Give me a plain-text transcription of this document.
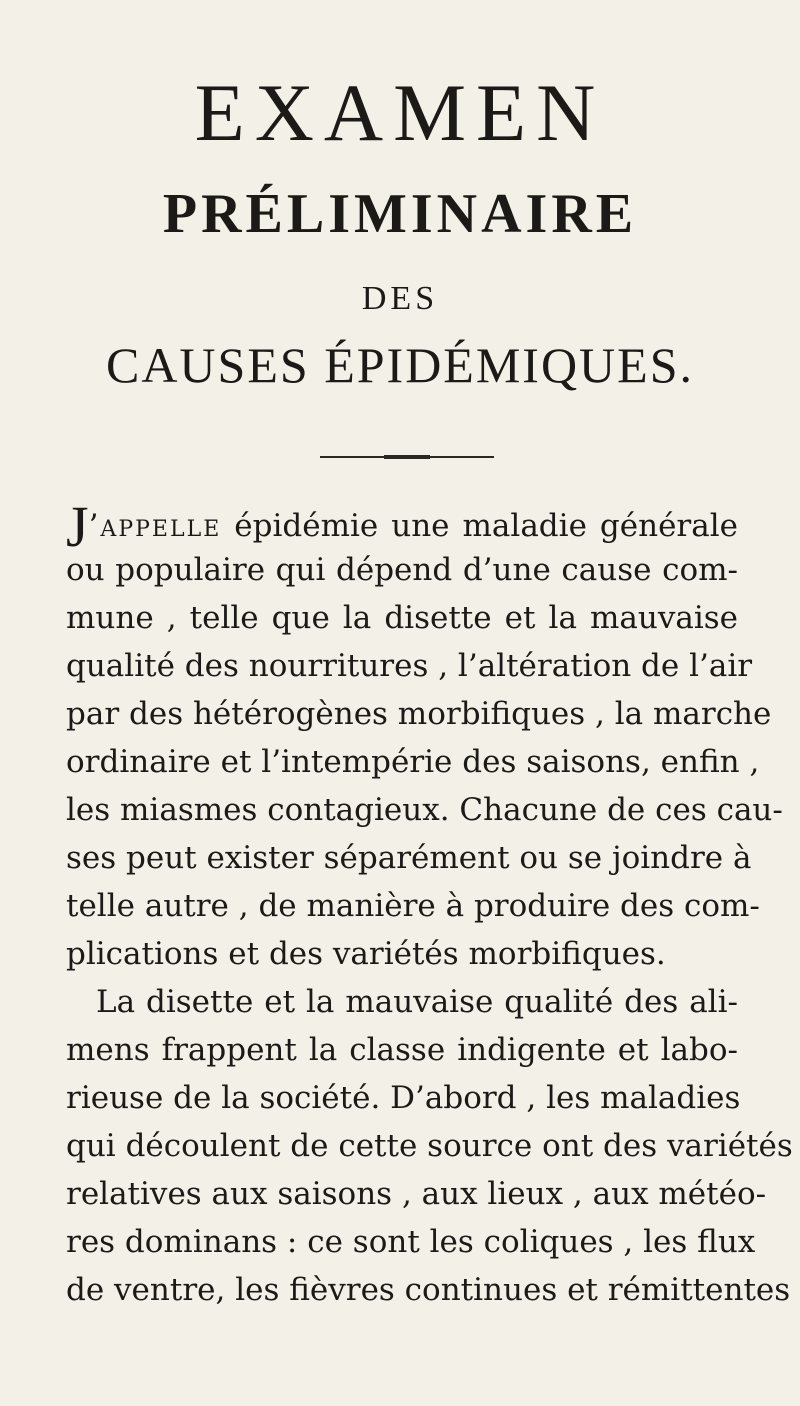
EXAMEN
PRÉLIMINAIRE
DES
CAUSES ÉPIDÉMIQUES.
J’appelle épidémie une maladie générale
ou populaire qui dépend d’une cause com-
mune , telle que la disette et la mauvaise
qualité des nourritures , l’altération de l’air
par des hétérogènes morbifiques , la marche
ordinaire et l’intempérie des saisons, enfin ,
les miasmes contagieux. Chacune de ces cau-
ses peut exister séparément ou se joindre à
telle autre , de manière à produire des com-
plications et des variétés morbifiques.
La disette et la mauvaise qualité des ali-
mens frappent la classe indigente et labo-
rieuse de la société. D’abord , les maladies
qui découlent de cette source ont des variétés
relatives aux saisons , aux lieux , aux météo-
res dominans : ce sont les coliques , les flux
de ventre, les fièvres continues et rémittentes
